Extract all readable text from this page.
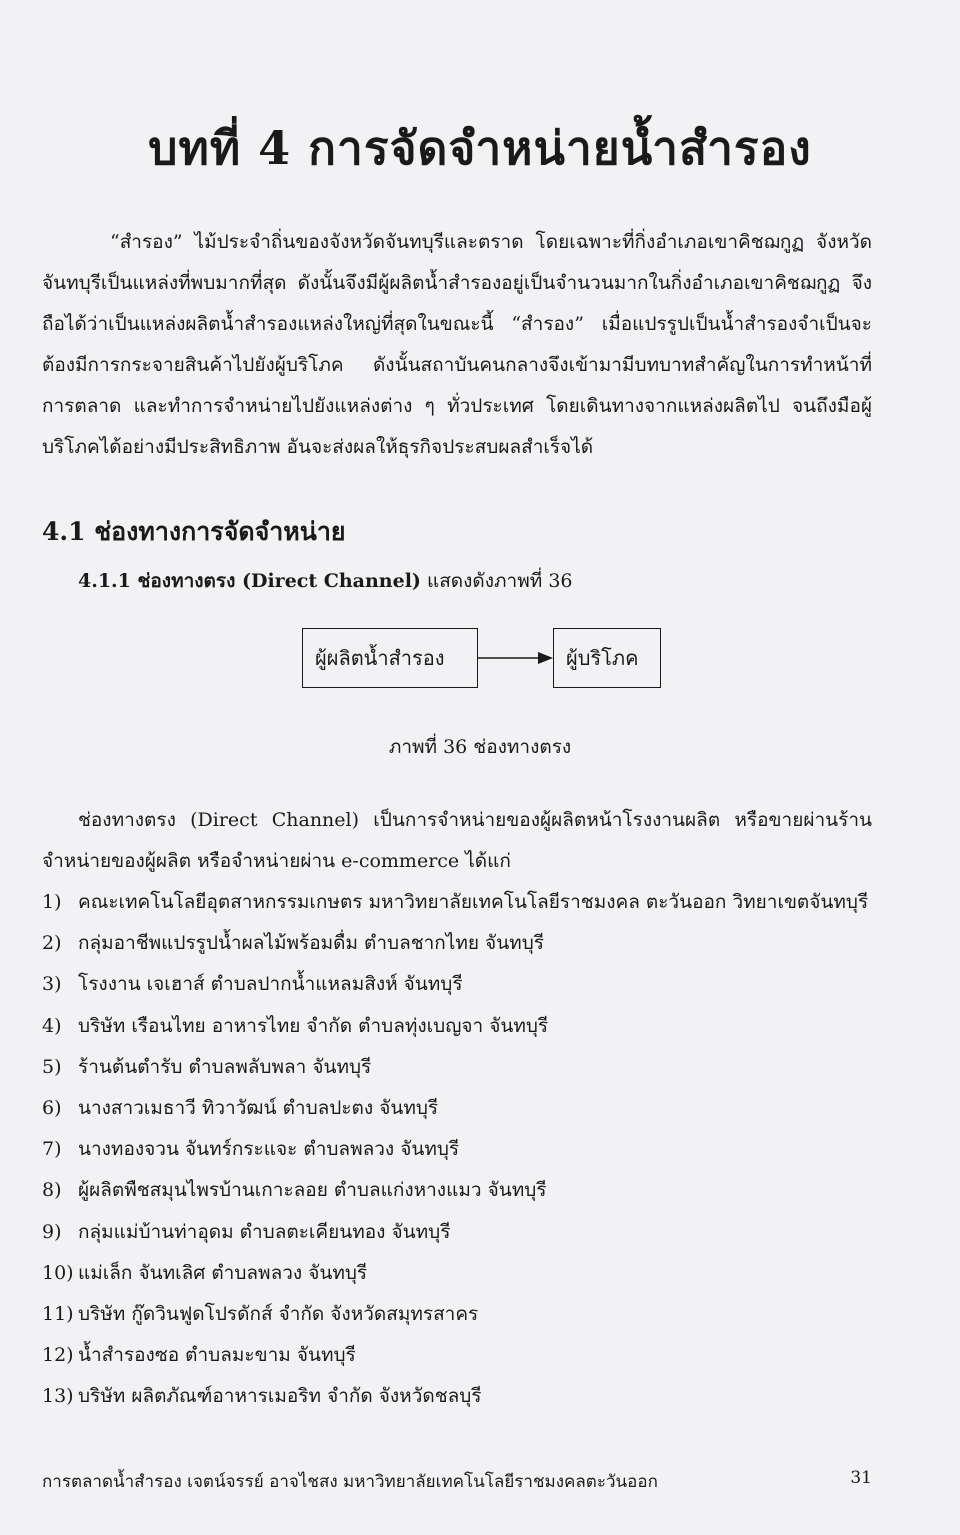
บทที่ 4 การจัดจำหน่ายน้ำสำรอง

“สำรอง” ไม้ประจำถิ่นของจังหวัดจันทบุรีและตราด โดยเฉพาะที่กิ่งอำเภอเขาคิชฌกูฏ จังหวัดจันทบุรีเป็นแหล่งที่พบมากที่สุด ดังนั้นจึงมีผู้ผลิตน้ำสำรองอยู่เป็นจำนวนมากในกิ่งอำเภอเขาคิชฌกูฏ จึงถือได้ว่าเป็นแหล่งผลิตน้ำสำรองแหล่งใหญ่ที่สุดในขณะนี้ “สำรอง” เมื่อแปรรูปเป็นน้ำสำรองจำเป็นจะต้องมีการกระจายสินค้าไปยังผู้บริโภค ดังนั้นสถาบันคนกลางจึงเข้ามามีบทบาทสำคัญในการทำหน้าที่การตลาด และทำการจำหน่ายไปยังแหล่งต่าง ๆ ทั่วประเทศ โดยเดินทางจากแหล่งผลิตไป จนถึงมือผู้บริโภคได้อย่างมีประสิทธิภาพ อันจะส่งผลให้ธุรกิจประสบผลสำเร็จได้

4.1 ช่องทางการจัดจำหน่าย

4.1.1 ช่องทางตรง (Direct Channel) แสดงดังภาพที่ 36

ผู้ผลิตน้ำสำรอง	ผู้บริโภค

ภาพที่ 36 ช่องทางตรง

ช่องทางตรง (Direct Channel) เป็นการจำหน่ายของผู้ผลิตหน้าโรงงานผลิต หรือขายผ่านร้านจำหน่ายของผู้ผลิต หรือจำหน่ายผ่าน e-commerce ได้แก่

1) คณะเทคโนโลยีอุตสาหกรรมเกษตร มหาวิทยาลัยเทคโนโลยีราชมงคล ตะวันออก วิทยาเขตจันทบุรี
2) กลุ่มอาชีพแปรรูปน้ำผลไม้พร้อมดื่ม ตำบลชากไทย จันทบุรี
3) โรงงาน เจเฮาส์ ตำบลปากน้ำแหลมสิงห์ จันทบุรี
4) บริษัท เรือนไทย อาหารไทย จำกัด ตำบลทุ่งเบญจา จันทบุรี
5) ร้านต้นตำรับ ตำบลพลับพลา จันทบุรี
6) นางสาวเมธาวี ทิวาวัฒน์ ตำบลปะตง จันทบุรี
7) นางทองจวน จันทร์กระแจะ ตำบลพลวง จันทบุรี
8) ผู้ผลิตพืชสมุนไพรบ้านเกาะลอย ตำบลแก่งหางแมว จันทบุรี
9) กลุ่มแม่บ้านท่าอุดม ตำบลตะเคียนทอง จันทบุรี
10) แม่เล็ก จันทเลิศ ตำบลพลวง จันทบุรี
11) บริษัท กู๊ดวินฟูดโปรดักส์ จำกัด จังหวัดสมุทรสาคร
12) น้ำสำรองซอ ตำบลมะขาม จันทบุรี
13) บริษัท ผลิตภัณฑ์อาหารเมอริท จำกัด จังหวัดชลบุรี
การตลาดน้ำสำรอง เจตน์จรรย์ อาจไชสง มหาวิทยาลัยเทคโนโลยีราชมงคลตะวันออก	31
